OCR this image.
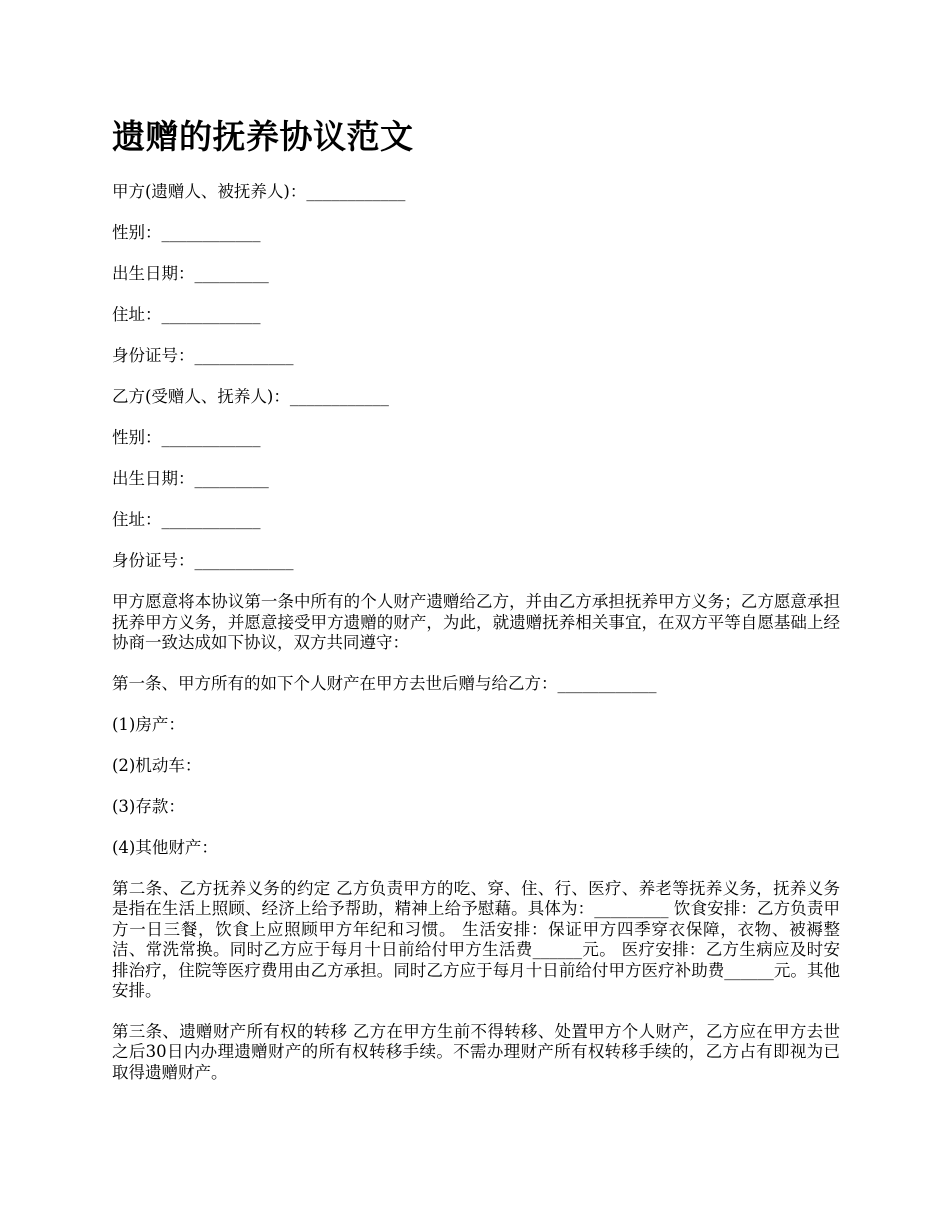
遗赠的抚养协议范文

甲方(遗赠人、被抚养人)：____________

性别：____________

出生日期：_________

住址：____________

身份证号：____________

乙方(受赠人、抚养人)：____________

性别：____________

出生日期：_________

住址：____________

身份证号：____________

甲方愿意将本协议第一条中所有的个人财产遗赠给乙方，并由乙方承担抚养甲方义务；乙方愿意承担抚养甲方义务，并愿意接受甲方遗赠的财产，为此，就遗赠抚养相关事宜，在双方平等自愿基础上经协商一致达成如下协议，双方共同遵守：

第一条、甲方所有的如下个人财产在甲方去世后赠与给乙方：____________

(1)房产：

(2)机动车：

(3)存款：

(4)其他财产：

第二条、乙方抚养义务的约定 乙方负责甲方的吃、穿、住、行、医疗、养老等抚养义务，抚养义务是指在生活上照顾、经济上给予帮助，精神上给予慰藉。具体为：_________ 饮食安排：乙方负责甲方一日三餐，饮食上应照顾甲方年纪和习惯。 生活安排：保证甲方四季穿衣保障，衣物、被褥整洁、常洗常换。同时乙方应于每月十日前给付甲方生活费______元。 医疗安排：乙方生病应及时安排治疗，住院等医疗费用由乙方承担。同时乙方应于每月十日前给付甲方医疗补助费______元。其他安排。

第三条、遗赠财产所有权的转移 乙方在甲方生前不得转移、处置甲方个人财产，乙方应在甲方去世之后30日内办理遗赠财产的所有权转移手续。不需办理财产所有权转移手续的，乙方占有即视为已取得遗赠财产。
